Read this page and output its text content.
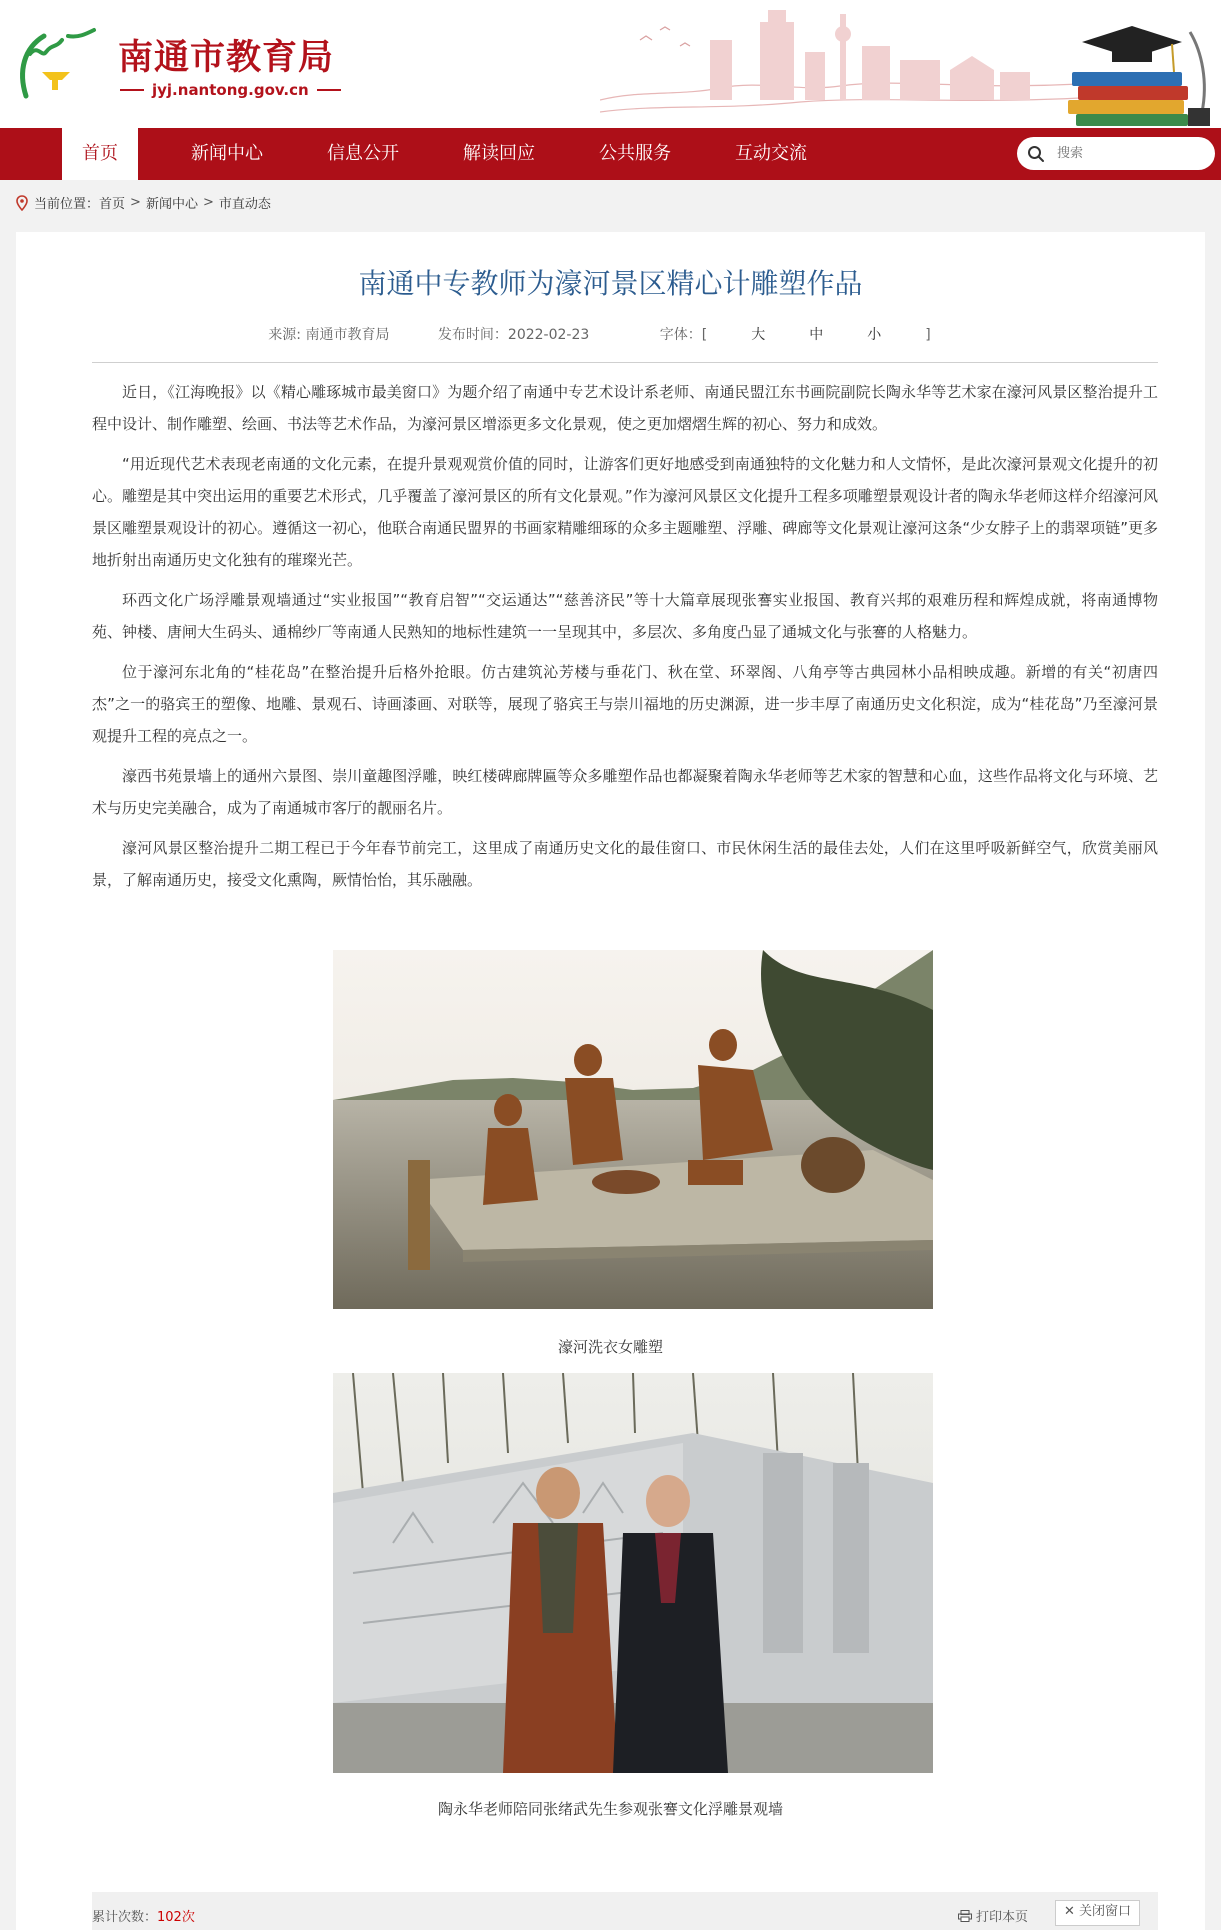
南通市教育局
jyj.nantong.gov.cn
首页	新闻中心	信息公开	解读回应	公共服务	互动交流
搜索
当前位置： 首页 > 新闻中心 > 市直动态
南通中专教师为濠河景区精心计雕塑作品
来源: 南通市教育局	发布时间：2022-02-23	字体：[	大	中	小	]

近日，《江海晚报》以《精心雕琢城市最美窗口》为题介绍了南通中专艺术设计系老师、南通民盟江东书画院副院长陶永华等艺术家在濠河风景区整治提升工程中设计、制作雕塑、绘画、书法等艺术作品，为濠河景区增添更多文化景观，使之更加熠熠生辉的初心、努力和成效。

“用近现代艺术表现老南通的文化元素，在提升景观观赏价值的同时，让游客们更好地感受到南通独特的文化魅力和人文情怀，是此次濠河景观文化提升的初心。雕塑是其中突出运用的重要艺术形式，几乎覆盖了濠河景区的所有文化景观。”作为濠河风景区文化提升工程多项雕塑景观设计者的陶永华老师这样介绍濠河风景区雕塑景观设计的初心。遵循这一初心，他联合南通民盟界的书画家精雕细琢的众多主题雕塑、浮雕、碑廊等文化景观让濠河这条“少女脖子上的翡翠项链”更多地折射出南通历史文化独有的璀璨光芒。

环西文化广场浮雕景观墙通过“实业报国”“教育启智”“交运通达”“慈善济民”等十大篇章展现张謇实业报国、教育兴邦的艰难历程和辉煌成就，将南通博物苑、钟楼、唐闸大生码头、通棉纱厂等南通人民熟知的地标性建筑一一呈现其中，多层次、多角度凸显了通城文化与张謇的人格魅力。

位于濠河东北角的“桂花岛”在整治提升后格外抢眼。仿古建筑沁芳楼与垂花门、秋在堂、环翠阁、八角亭等古典园林小品相映成趣。新增的有关“初唐四杰”之一的骆宾王的塑像、地雕、景观石、诗画漆画、对联等，展现了骆宾王与崇川福地的历史渊源，进一步丰厚了南通历史文化积淀，成为“桂花岛”乃至濠河景观提升工程的亮点之一。

濠西书苑景墙上的通州六景图、崇川童趣图浮雕，映红楼碑廊牌匾等众多雕塑作品也都凝聚着陶永华老师等艺术家的智慧和心血，这些作品将文化与环境、艺术与历史完美融合，成为了南通城市客厅的靓丽名片。

濠河风景区整治提升二期工程已于今年春节前完工，这里成了南通历史文化的最佳窗口、市民休闲生活的最佳去处，人们在这里呼吸新鲜空气，欣赏美丽风景，了解南通历史，接受文化熏陶，厥情怡怡，其乐融融。

濠河洗衣女雕塑
陶永华老师陪同张绪武先生参观张謇文化浮雕景观墙
累计次数：102次	打印本页	✕ 关闭窗口
